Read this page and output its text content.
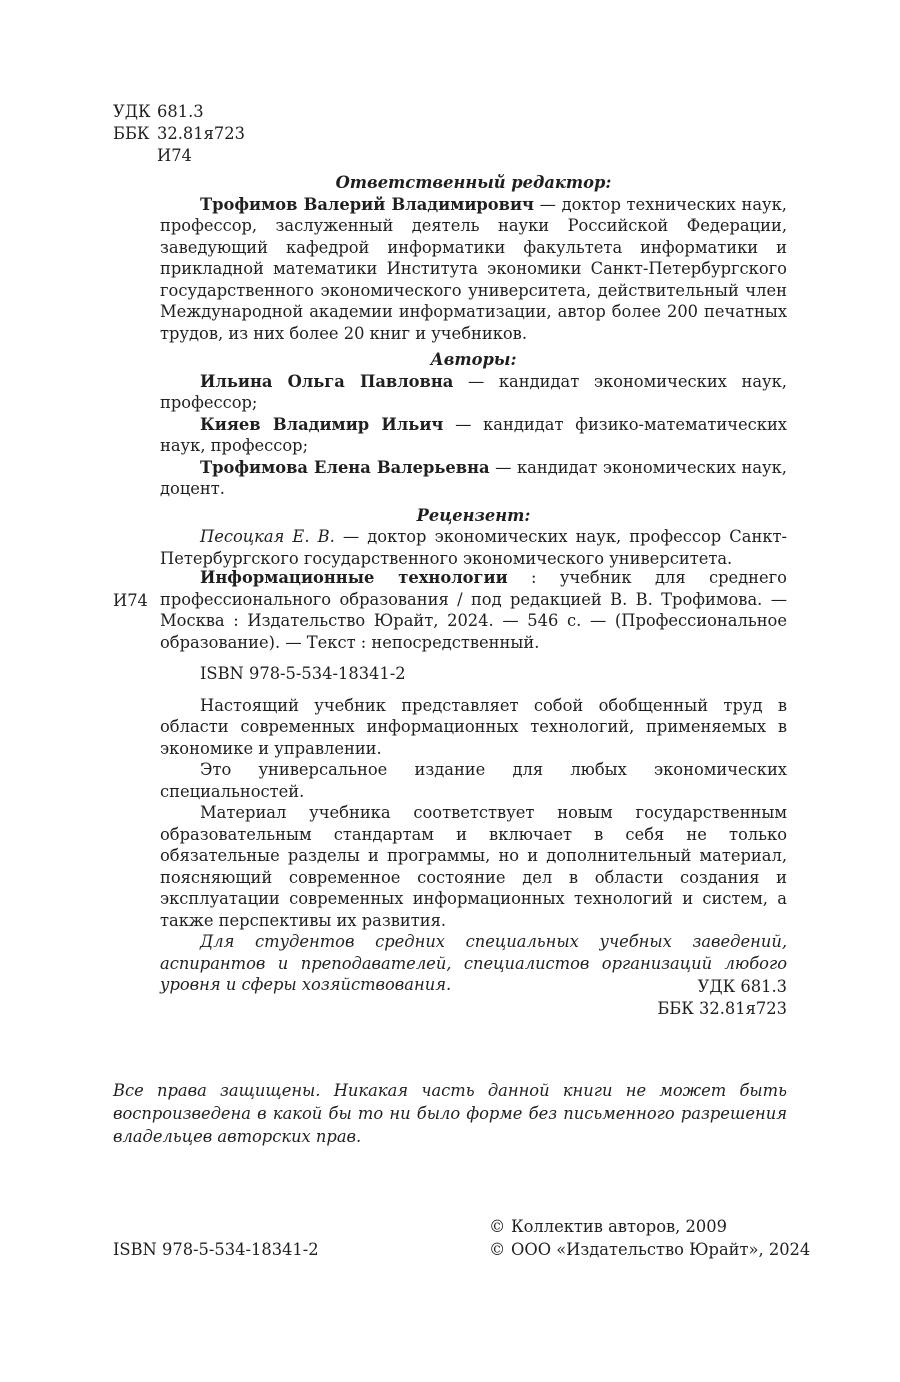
УДК 681.3
ББК 32.81я723
И74

Ответственный редактор:

Трофимов Валерий Владимирович — доктор технических наук, профессор, заслуженный деятель науки Российской Федерации, заведующий кафедрой информатики факультета информатики и прикладной математики Института экономики Санкт-Петербургского государственного экономического университета, действительный член Международной академии информатизации, автор более 200 печатных трудов, из них более 20 книг и учебников.

Авторы:

Ильина Ольга Павловна — кандидат экономических наук, профессор;

Кияев Владимир Ильич — кандидат физико-математических наук, профессор;

Трофимова Елена Валерьевна — кандидат экономических наук, доцент.

Рецензент:

Песоцкая Е. В. — доктор экономических наук, профессор Санкт-Петербургского государственного экономического университета.

И74

Информационные технологии : учебник для среднего профессионального образования / под редакцией В. В. Трофимова. — Москва : Издательство Юрайт, 2024. — 546 с. — (Профессиональное образование). — Текст : непосредственный.

ISBN 978-5-534-18341-2

Настоящий учебник представляет собой обобщенный труд в области современных информационных технологий, применяемых в экономике и управлении.

Это универсальное издание для любых экономических специальностей.

Материал учебника соответствует новым государственным образовательным стандартам и включает в себя не только обязательные разделы и программы, но и дополнительный материал, поясняющий современное состояние дел в области создания и эксплуатации современных информационных технологий и систем, а также перспективы их развития.

Для студентов средних специальных учебных заведений, аспирантов и преподавателей, специалистов организаций любого уровня и сферы хозяйствования.	УДК 681.3
ББК 32.81я723

Все права защищены. Никакая часть данной книги не может быть воспроизведена в какой бы то ни было форме без письменного разрешения владельцев авторских прав.

© Коллектив авторов, 2009
© ООО «Издательство Юрайт», 2024
ISBN 978-5-534-18341-2
